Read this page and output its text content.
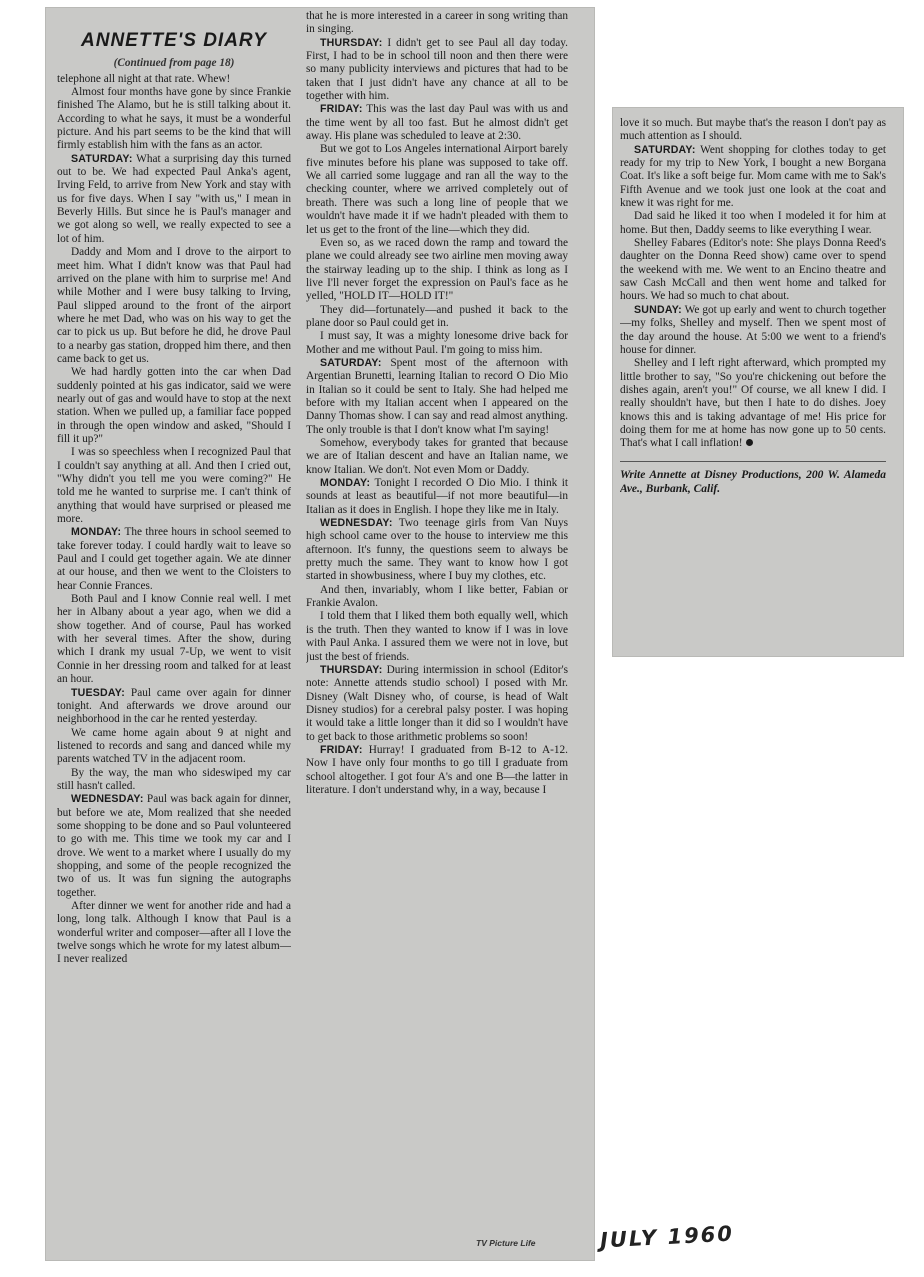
ANNETTE'S DIARY
(Continued from page 18)

telephone all night at that rate. Whew!

Almost four months have gone by since Frankie finished The Alamo, but he is still talking about it. According to what he says, it must be a wonderful picture. And his part seems to be the kind that will firmly establish him with the fans as an actor.

SATURDAY: What a surprising day this turned out to be. We had expected Paul Anka's agent, Irving Feld, to arrive from New York and stay with us for five days. When I say "with us," I mean in Beverly Hills. But since he is Paul's manager and we got along so well, we really expected to see a lot of him.

Daddy and Mom and I drove to the airport to meet him. What I didn't know was that Paul had arrived on the plane with him to surprise me! And while Mother and I were busy talking to Irving, Paul slipped around to the front of the airport where he met Dad, who was on his way to get the car to pick us up. But before he did, he drove Paul to a nearby gas station, dropped him there, and then came back to get us.

We had hardly gotten into the car when Dad suddenly pointed at his gas indicator, said we were nearly out of gas and would have to stop at the next station. When we pulled up, a familiar face popped in through the open window and asked, "Should I fill it up?"

I was so speechless when I recognized Paul that I couldn't say anything at all. And then I cried out, "Why didn't you tell me you were coming?" He told me he wanted to surprise me. I can't think of anything that would have surprised or pleased me more.

MONDAY: The three hours in school seemed to take forever today. I could hardly wait to leave so Paul and I could get together again. We ate dinner at our house, and then we went to the Cloisters to hear Connie Frances.

Both Paul and I know Connie real well. I met her in Albany about a year ago, when we did a show together. And of course, Paul has worked with her several times. After the show, during which I drank my usual 7-Up, we went to visit Connie in her dressing room and talked for at least an hour.

TUESDAY: Paul came over again for dinner tonight. And afterwards we drove around our neighborhood in the car he rented yesterday.

We came home again about 9 at night and listened to records and sang and danced while my parents watched TV in the adjacent room.

By the way, the man who sideswiped my car still hasn't called.

WEDNESDAY: Paul was back again for dinner, but before we ate, Mom realized that she needed some shopping to be done and so Paul volunteered to go with me. This time we took my car and I drove. We went to a market where I usually do my shopping, and some of the people recognized the two of us. It was fun signing the autographs together.

After dinner we went for another ride and had a long, long talk. Although I know that Paul is a wonderful writer and composer—after all I love the twelve songs which he wrote for my latest album—I never realized

that he is more interested in a career in song writing than in singing.

THURSDAY: I didn't get to see Paul all day today. First, I had to be in school till noon and then there were so many publicity interviews and pictures that had to be taken that I just didn't have any chance at all to be together with him.

FRIDAY: This was the last day Paul was with us and the time went by all too fast. But he almost didn't get away. His plane was scheduled to leave at 2:30.

But we got to Los Angeles international Airport barely five minutes before his plane was supposed to take off. We all carried some luggage and ran all the way to the checking counter, where we arrived completely out of breath. There was such a long line of people that we wouldn't have made it if we hadn't pleaded with them to let us get to the front of the line—which they did.

Even so, as we raced down the ramp and toward the plane we could already see two airline men moving away the stairway leading up to the ship. I think as long as I live I'll never forget the expression on Paul's face as he yelled, "HOLD IT—HOLD IT!"

They did—fortunately—and pushed it back to the plane door so Paul could get in.

I must say, It was a mighty lonesome drive back for Mother and me without Paul. I'm going to miss him.

SATURDAY: Spent most of the afternoon with Argentian Brunetti, learning Italian to record O Dio Mio in Italian so it could be sent to Italy. She had helped me before with my Italian accent when I appeared on the Danny Thomas show. I can say and read almost anything. The only trouble is that I don't know what I'm saying!

Somehow, everybody takes for granted that because we are of Italian descent and have an Italian name, we know Italian. We don't. Not even Mom or Daddy.

MONDAY: Tonight I recorded O Dio Mio. I think it sounds at least as beautiful—if not more beautiful—in Italian as it does in English. I hope they like me in Italy.

WEDNESDAY: Two teenage girls from Van Nuys high school came over to the house to interview me this afternoon. It's funny, the questions seem to always be pretty much the same. They want to know how I got started in showbusiness, where I buy my clothes, etc.

And then, invariably, whom I like better, Fabian or Frankie Avalon.

I told them that I liked them both equally well, which is the truth. Then they wanted to know if I was in love with Paul Anka. I assured them we were not in love, but just the best of friends.

THURSDAY: During intermission in school (Editor's note: Annette attends studio school) I posed with Mr. Disney (Walt Disney who, of course, is head of Walt Disney studios) for a cerebral palsy poster. I was hoping it would take a little longer than it did so I wouldn't have to get back to those arithmetic problems so soon!

FRIDAY: Hurray! I graduated from B-12 to A-12. Now I have only four months to go till I graduate from school altogether. I got four A's and one B—the latter in literature. I don't understand why, in a way, because I

love it so much. But maybe that's the reason I don't pay as much attention as I should.

SATURDAY: Went shopping for clothes today to get ready for my trip to New York, I bought a new Borgana Coat. It's like a soft beige fur. Mom came with me to Sak's Fifth Avenue and we took just one look at the coat and knew it was right for me.

Dad said he liked it too when I modeled it for him at home. But then, Daddy seems to like everything I wear.

Shelley Fabares (Editor's note: She plays Donna Reed's daughter on the Donna Reed show) came over to spend the weekend with me. We went to an Encino theatre and saw Cash McCall and then went home and talked for hours. We had so much to chat about.

SUNDAY: We got up early and went to church together—my folks, Shelley and myself. Then we spent most of the day around the house. At 5:00 we went to a friend's house for dinner.

Shelley and I left right afterward, which prompted my little brother to say, "So you're chickening out before the dishes again, aren't you!" Of course, we all knew I did. I really shouldn't have, but then I hate to do dishes. Joey knows this and is taking advantage of me! His price for doing them for me at home has now gone up to 50 cents. That's what I call inflation!

Write Annette at Disney Productions, 200 W. Alameda Ave., Burbank, Calif.
TV Picture Life	JULY 1960
